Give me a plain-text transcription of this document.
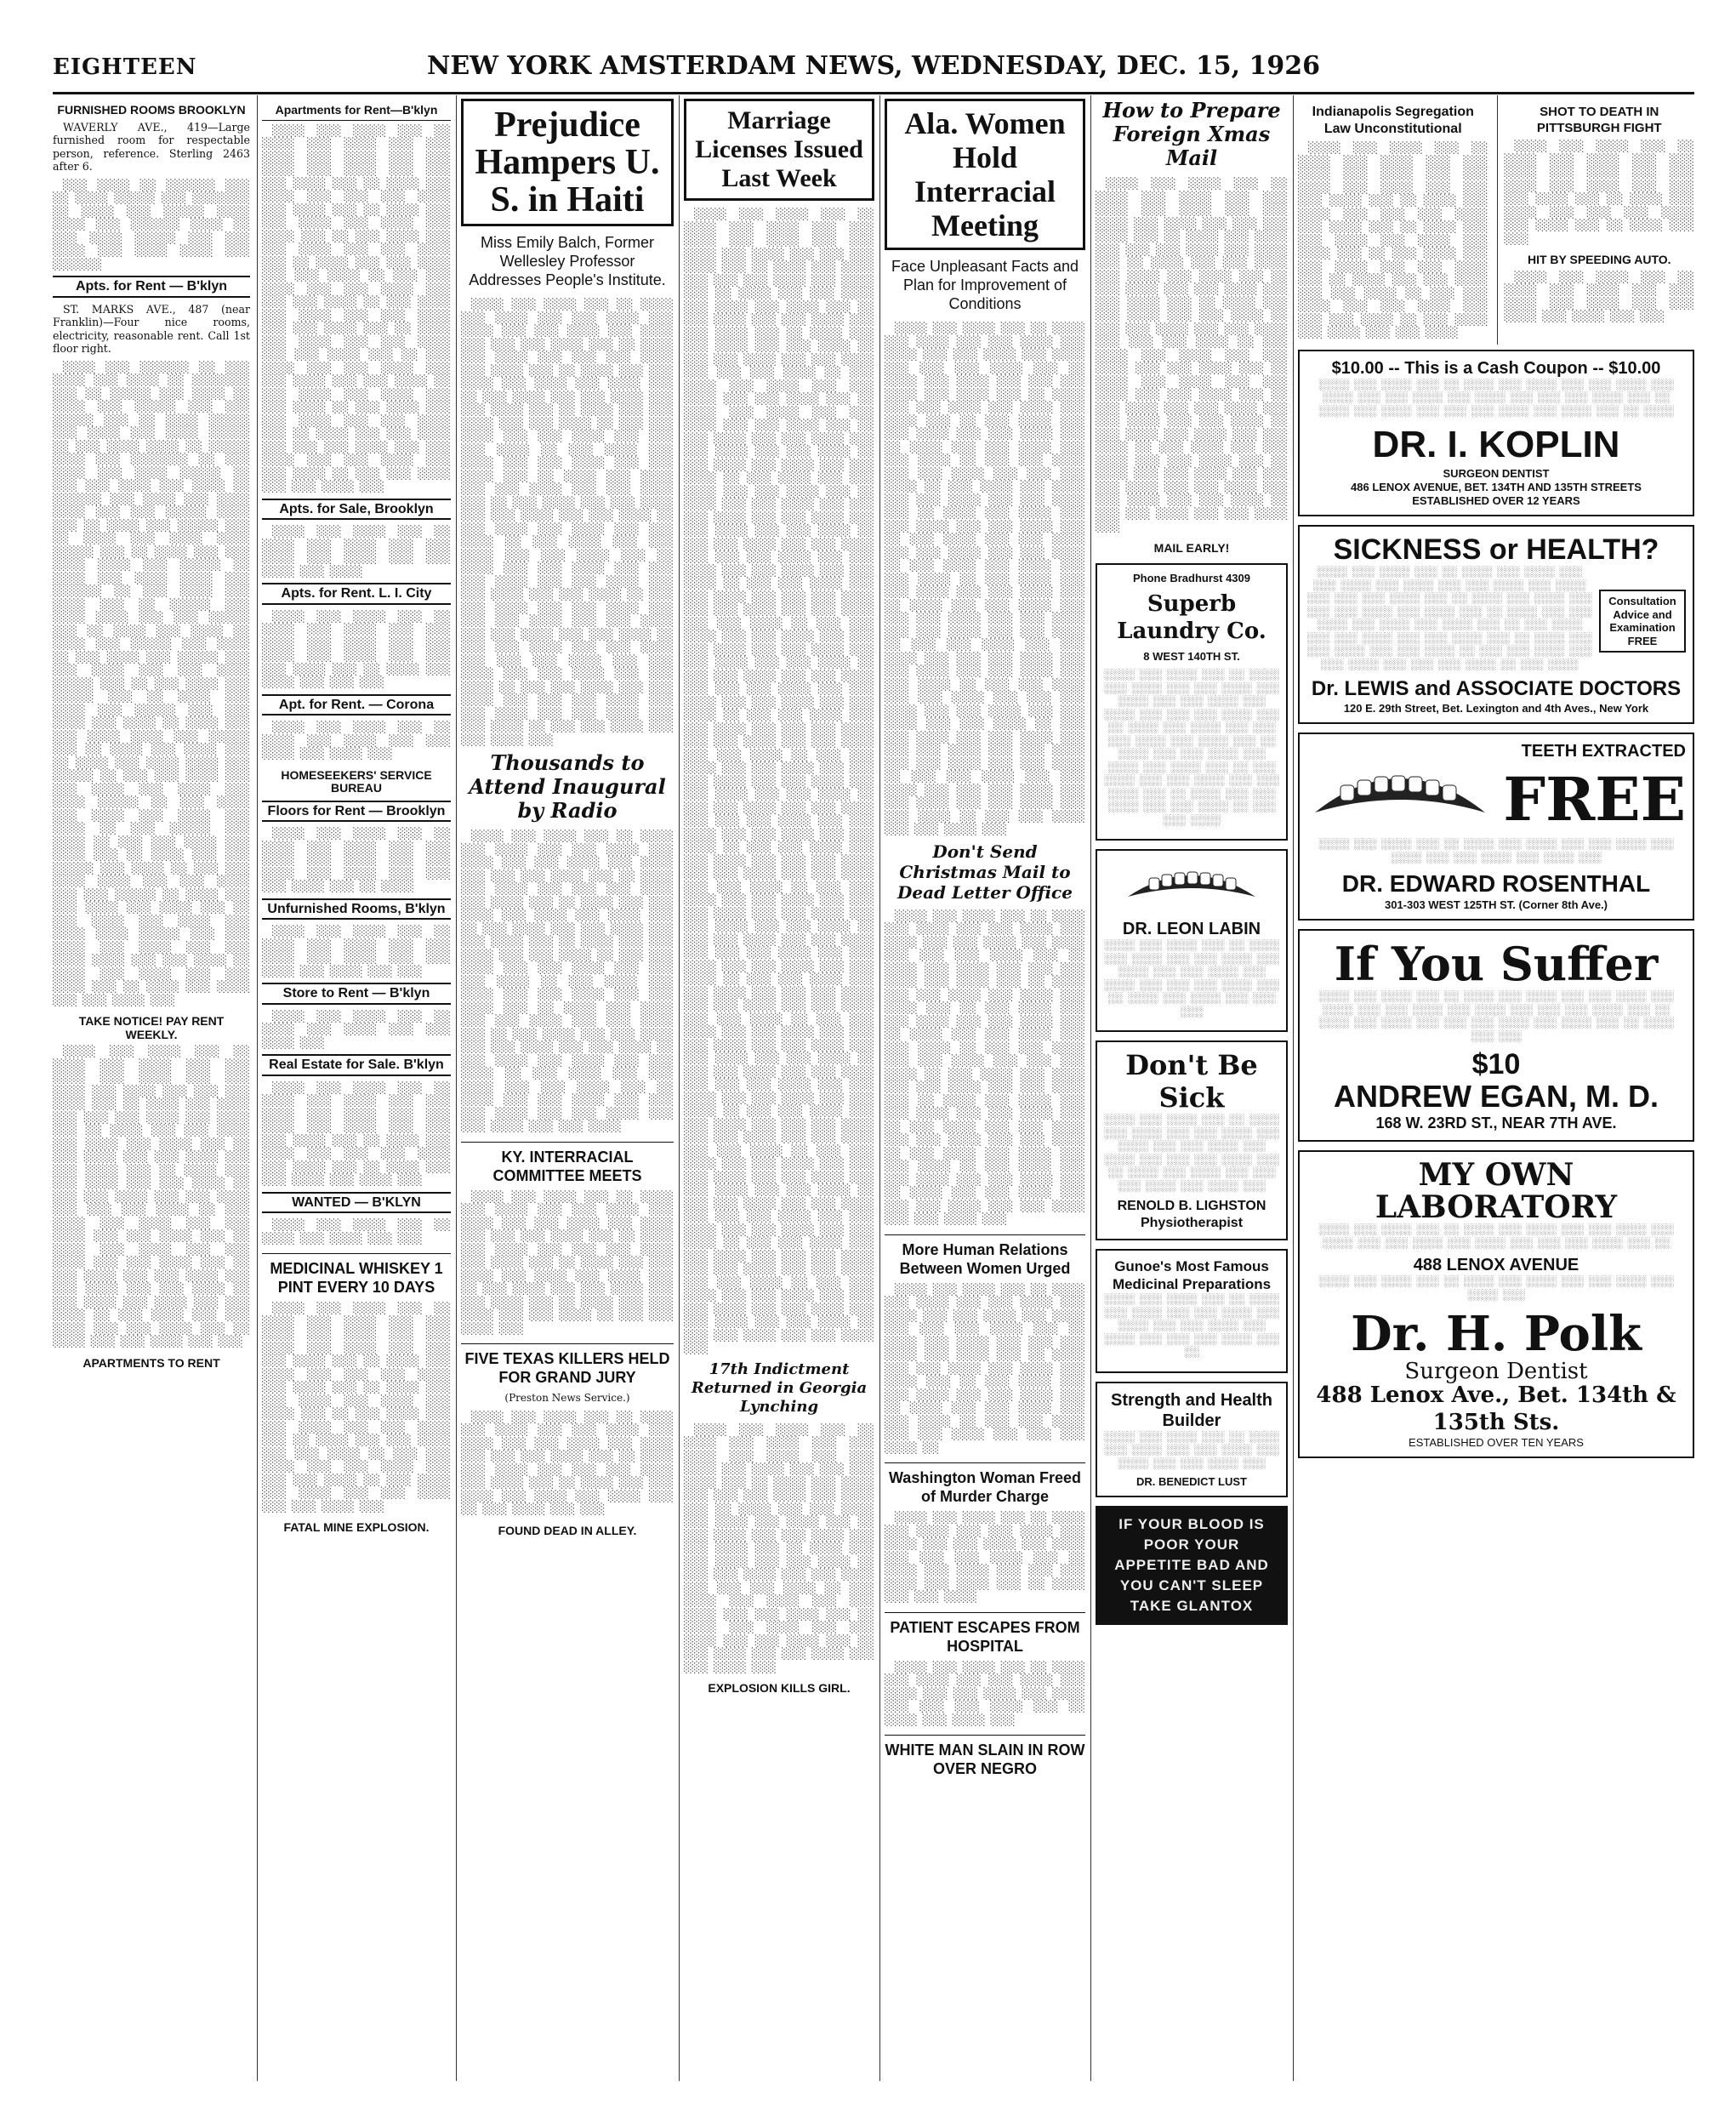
EIGHTEEN	NEW YORK AMSTERDAM NEWS, WEDNESDAY, DEC. 15, 1926
FURNISHED ROOMS BROOKLYN

WAVERLY AVE., 419—Large furnished room for respectable person, reference. Sterling 2463 after 6.

░░░ ░░░░ ░░ ░░░░░░ ░░░ ░░ ░░░░ ░░░░░ ░░░ ░░░░░░░ ░░ ░░░░ ░░░ ░░░░░ ░░░░ ░░░░ ░░░ ░░░░░░ ░░░░ ░░ ░░░ ░░░░ ░░░░░ ░░░ ░░░ ░░░░ ░░░ ░░░░ ░░░░ ░░░ ░░░░░░

Apts. for Rent — B'klyn

ST. MARKS AVE., 487 (near Franklin)—Four nice rooms, electricity, reasonable rent. Call 1st floor right.

░░░░ ░░░ ░░░░░░ ░░ ░░░ ░░░░ ░░░ ░░░░ ░░ ░░░░░░░ ░░░ ░░ ░░░░░ ░░░ ░░░░ ░░ ░░░░ ░░░ ░░░░░ ░░░ ░░░ ░░░░░ ░░░ ░░ ░░░░ ░░░░░ ░░░ ░░░░ ░░░ ░░░░ ░░░░░ ░░ ░░░ ░░░░ ░░░░ ░░ ░░░░░ ░░░░ ░░░ ░░░░░░░ ░░ ░░░ ░░░░ ░░░ ░░░░ ░░░░░ ░░ ░░░ ░░░ ░░░░ ░░░ ░░░░ ░░ ░░░░░░ ░░░ ░░░░ ░░░ ░░░░ ░░░░ ░░░ ░░░ ░░░░░ ░░░░ ░░░ ░░ ░░░░ ░░░ ░░░░░ ░░░ ░░ ░░░░ ░░░ ░░░░ ░░░░ ░░░░░ ░░░ ░░ ░░░░ ░░░ ░░░ ░░░░ ░░░░ ░░░ ░░░░░ ░░ ░░░░ ░░░ ░░░░ ░░░░ ░░░ ░░░░░░ ░░ ░░░ ░░░░ ░░░ ░░░░ ░░░ ░░ ░░░░░ ░░░ ░░░░ ░░░░ ░░░ ░░░ ░░░░░ ░░░ ░░ ░░░░ ░░░ ░░░░ ░░ ░░░░ ░░░ ░░░░░ ░░░ ░░░░ ░░ ░░░ ░░░░ ░░░ ░░░░░ ░░░ ░░░ ░░░░ ░░░ ░░░ ░░░░ ░░░░░ ░░░ ░░ ░░░ ░░░░ ░░░ ░░░░░ ░░░ ░░ ░░░░ ░░░ ░░░░ ░░░ ░░░░░ ░░░ ░░░ ░░░░ ░░░ ░░░░ ░░ ░░░░ ░░░ ░░░ ░░░░ ░░░░ ░░░ ░░░░░ ░░░ ░░ ░░░░ ░░░ ░░░░ ░░░ ░░ ░░░░ ░░░ ░░░░ ░░░░ ░░░ ░░░░░ ░░ ░░░ ░░░ ░░░░ ░░░ ░░░ ░░░░ ░░░ ░░░░ ░░░ ░░░░ ░░░░░ ░░ ░░░ ░░░░ ░░░ ░░░░ ░░░ ░░░░ ░░░ ░░░░ ░░ ░░░ ░░░░░ ░░░ ░░░░ ░░ ░░░ ░░░ ░░░░ ░░░ ░░░░ ░░░ ░░ ░░░░ ░░░ ░░░ ░░░░░ ░░░ ░░░░ ░░ ░░░ ░░░ ░░░░ ░░░░ ░░░ ░░░ ░░░░ ░░░ ░░░ ░░░░░ ░░ ░░░░ ░░░ ░░░ ░░░░ ░░░ ░░░░ ░░░ ░░ ░░░ ░░░░ ░░░ ░░░░ ░░░ ░░░░ ░░░░ ░░░░░ ░░░ ░░░ ░░░░ ░░░ ░░░░ ░░░ ░░░ ░░░░ ░░░░ ░░░ ░░░ ░░░░ ░░ ░░░░ ░░░ ░░░░ ░░░ ░░░ ░░░░ ░░░ ░░ ░░░░ ░░░ ░░░░ ░░░ ░░░ ░░░░ ░░░

TAKE NOTICE! PAY RENT WEEKLY.

░░░░ ░░░ ░░░░ ░░░ ░░ ░░░░ ░░░ ░░░░ ░░░ ░░░ ░░░░ ░░░ ░░░░ ░░░ ░░░ ░░░░ ░░░ ░░░░ ░░░ ░░░ ░░░ ░░░░ ░░░ ░░ ░░░░ ░░░ ░░░░ ░░░ ░░░ ░░░ ░░░░ ░░░ ░░░░ ░░░ ░░ ░░░░ ░░░ ░░░ ░░░░ ░░░ ░░░░ ░░░ ░░░░ ░░░ ░░ ░░░ ░░░░ ░░░ ░░░ ░░░░ ░░░ ░░░ ░░░░ ░░░ ░░ ░░░░ ░░░ ░░░ ░░░░ ░░░ ░░░ ░░░░ ░░ ░░░ ░░░ ░░░░ ░░░ ░░░ ░░░░ ░░░ ░░░ ░░░ ░░░░ ░░ ░░░ ░░░░ ░░░ ░░░░ ░░░ ░░░ ░░░░ ░░░ ░░░ ░░░░ ░░░ ░░ ░░░░ ░░░ ░░░░ ░░░ ░░░ ░░░░ ░░░ ░░░ ░░░░ ░░░ ░░ ░░░ ░░░░ ░░░ ░░░ ░░░░ ░░░ ░░░ ░░░░ ░░░ ░░░ ░░░░ ░░ ░░░ ░░░░ ░░░ ░░░░ ░░░ ░░░ ░░░░ ░░ ░░░ ░░░░ ░░░ ░░░ ░░░░ ░░░ ░░░ ░░░░ ░░░ ░░ ░░░░ ░░░ ░░░ ░░░░ ░░░ ░░░

APARTMENTS TO RENT
Apartments for Rent—B'klyn

░░░░ ░░░ ░░░░ ░░░ ░░ ░░░░ ░░░ ░░░░ ░░░ ░░░ ░░░░ ░░░ ░░░░ ░░░ ░░░ ░░░░ ░░░ ░░░░ ░░░ ░░░ ░░░ ░░░░ ░░░ ░░ ░░░░ ░░░ ░░░░ ░░░ ░░░ ░░░ ░░░░ ░░░ ░░░░ ░░░ ░░ ░░░░ ░░░ ░░░ ░░░░ ░░░ ░░░░ ░░░ ░░░░ ░░░ ░░ ░░░ ░░░░ ░░░ ░░░ ░░░░ ░░░ ░░░ ░░░░ ░░░ ░░ ░░░░ ░░░ ░░░ ░░░░ ░░░ ░░░ ░░░░ ░░ ░░░ ░░░ ░░░░ ░░░ ░░░ ░░░░ ░░░ ░░░ ░░░ ░░░░ ░░ ░░░ ░░░░ ░░░ ░░░░ ░░░ ░░░ ░░░░ ░░░ ░░░ ░░░░ ░░░ ░░ ░░░░ ░░░ ░░░░ ░░░ ░░░ ░░░░ ░░░ ░░░ ░░░░ ░░░ ░░ ░░░ ░░░░ ░░░ ░░░ ░░░░ ░░░ ░░░ ░░░░ ░░░ ░░░ ░░░░ ░░ ░░░ ░░░░ ░░░ ░░░░ ░░░ ░░░ ░░░░ ░░ ░░░ ░░░░ ░░░ ░░░ ░░░░ ░░░ ░░░ ░░░░ ░░░ ░░ ░░░░ ░░░ ░░░ ░░░░ ░░░ ░░░ ░░░ ░░░░ ░░░ ░░░ ░░░░ ░░░ ░░░ ░░░░ ░░░ ░░░ ░░░░ ░░ ░░░ ░░░ ░░░░ ░░░ ░░░ ░░░░ ░░░

Apts. for Sale, Brooklyn

░░░░ ░░░ ░░░░ ░░░ ░░ ░░░░ ░░░ ░░░░ ░░░ ░░░ ░░░░ ░░░ ░░░░ ░░░ ░░░ ░░░░ ░░░ ░░░░

Apts. for Rent. L. I. City

░░░░ ░░░ ░░░░ ░░░ ░░ ░░░░ ░░░ ░░░░ ░░░ ░░░ ░░░░ ░░░ ░░░░ ░░░ ░░░ ░░░░ ░░░ ░░░░ ░░░ ░░░ ░░░ ░░░░ ░░░ ░░ ░░░░ ░░░ ░░░░ ░░░ ░░░ ░░░

Apt. for Rent. — Corona

░░░░ ░░░ ░░░░ ░░░ ░░ ░░░░ ░░░ ░░░░ ░░░ ░░░ ░░░░ ░░░ ░░░░ ░░░

HOMESEEKERS' SERVICE BUREAU
Floors for Rent — Brooklyn

░░░░ ░░░ ░░░░ ░░░ ░░ ░░░░ ░░░ ░░░░ ░░░ ░░░ ░░░░ ░░░ ░░░░ ░░░ ░░░ ░░░░ ░░░ ░░░░ ░░░ ░░░ ░░░ ░░░░ ░░░ ░░ ░░░░

Unfurnished Rooms, B'klyn

░░░░ ░░░ ░░░░ ░░░ ░░ ░░░░ ░░░ ░░░░ ░░░ ░░░ ░░░░ ░░░ ░░░░ ░░░ ░░░ ░░░░ ░░░ ░░░░ ░░░ ░░░

Store to Rent — B'klyn

░░░░ ░░░ ░░░░ ░░░ ░░ ░░░░ ░░░ ░░░░ ░░░ ░░░ ░░░░ ░░░

Real Estate for Sale. B'klyn

░░░░ ░░░ ░░░░ ░░░ ░░ ░░░░ ░░░ ░░░░ ░░░ ░░░ ░░░░ ░░░ ░░░░ ░░░ ░░░ ░░░░ ░░░ ░░░░ ░░░ ░░░ ░░░ ░░░░ ░░░ ░░ ░░░░ ░░░ ░░░░ ░░░ ░░░ ░░░ ░░░░ ░░░ ░░░░ ░░░ ░░ ░░░░ ░░░ ░░░ ░░░░ ░░░ ░░░░ ░░░

WANTED — B'KLYN

░░░░ ░░░ ░░░░ ░░░ ░░ ░░░░ ░░░ ░░░░ ░░░ ░░░

MEDICINAL WHISKEY 1 PINT EVERY 10 DAYS

░░░░ ░░░ ░░░░ ░░░ ░░ ░░░░ ░░░ ░░░░ ░░░ ░░░ ░░░░ ░░░ ░░░░ ░░░ ░░░ ░░░░ ░░░ ░░░░ ░░░ ░░░ ░░░ ░░░░ ░░░ ░░ ░░░░ ░░░ ░░░░ ░░░ ░░░ ░░░ ░░░░ ░░░ ░░░░ ░░░ ░░ ░░░░ ░░░ ░░░ ░░░░ ░░░ ░░░░ ░░░ ░░░░ ░░░ ░░ ░░░ ░░░░ ░░░ ░░░ ░░░░ ░░░ ░░░ ░░░░ ░░░ ░░ ░░░░ ░░░ ░░░ ░░░░ ░░░ ░░░ ░░░░ ░░ ░░░ ░░░ ░░░░ ░░░ ░░░ ░░░░ ░░░ ░░░ ░░░ ░░░░ ░░ ░░░ ░░░░ ░░░ ░░░░ ░░░ ░░░ ░░░░ ░░░ ░░░ ░░░░ ░░░

FATAL MINE EXPLOSION.
Prejudice Hampers U. S. in Haiti
Miss Emily Balch, Former Wellesley Professor Addresses People's Institute.

░░░░ ░░░ ░░░░ ░░░ ░░ ░░░░ ░░░ ░░░░ ░░░ ░░░ ░░░░ ░░░ ░░░░ ░░░ ░░░ ░░░░ ░░░ ░░░░ ░░░ ░░░ ░░░ ░░░░ ░░░ ░░ ░░░░ ░░░ ░░░░ ░░░ ░░░ ░░░ ░░░░ ░░░ ░░░░ ░░░ ░░ ░░░░ ░░░ ░░░ ░░░░ ░░░ ░░░░ ░░░ ░░░░ ░░░ ░░ ░░░ ░░░░ ░░░ ░░░ ░░░░ ░░░ ░░░ ░░░░ ░░░ ░░ ░░░░ ░░░ ░░░ ░░░░ ░░░ ░░░ ░░░░ ░░ ░░░ ░░░ ░░░░ ░░░ ░░░ ░░░░ ░░░ ░░░ ░░░ ░░░░ ░░ ░░░ ░░░░ ░░░ ░░░░ ░░░ ░░░ ░░░░ ░░░ ░░░ ░░░░ ░░░ ░░ ░░░░ ░░░ ░░░░ ░░░ ░░░ ░░░░ ░░░ ░░░ ░░░░ ░░░ ░░ ░░░ ░░░░ ░░░ ░░░ ░░░░ ░░░ ░░░ ░░░░ ░░░ ░░░ ░░░░ ░░ ░░░ ░░░░ ░░░ ░░░░ ░░░ ░░░ ░░░░ ░░ ░░░ ░░░░ ░░░ ░░░ ░░░░ ░░░ ░░░ ░░░░ ░░░ ░░ ░░░░ ░░░ ░░░ ░░░░ ░░░ ░░░ ░░░ ░░░░ ░░░ ░░░ ░░░░ ░░░ ░░░ ░░░░ ░░░ ░░░ ░░░░ ░░ ░░░ ░░░ ░░░░ ░░░ ░░░ ░░░░ ░░░ ░░░ ░░░ ░░░░ ░░░ ░░░ ░░░░ ░░░ ░░░ ░░░░ ░░░ ░░░ ░░░░ ░░ ░░░ ░░░ ░░░░ ░░░ ░░░ ░░░░ ░░░ ░░░ ░░░ ░░░░ ░░░ ░░░ ░░░░ ░░░ ░░░ ░░░░ ░░░ ░░░ ░░░░ ░░ ░░░ ░░░ ░░░░ ░░░ ░░░ ░░░░ ░░░ ░░░ ░░░ ░░░░ ░░░ ░░░ ░░░░ ░░░ ░░░ ░░░░ ░░░ ░░░ ░░░░ ░░ ░░░ ░░░ ░░░░ ░░░ ░░░ ░░░░ ░░░

Thousands to Attend Inaugural by Radio

░░░░ ░░░ ░░░░ ░░░ ░░ ░░░░ ░░░ ░░░░ ░░░ ░░░ ░░░░ ░░░ ░░░░ ░░░ ░░░ ░░░░ ░░░ ░░░░ ░░░ ░░░ ░░░ ░░░░ ░░░ ░░ ░░░░ ░░░ ░░░░ ░░░ ░░░ ░░░ ░░░░ ░░░ ░░░░ ░░░ ░░ ░░░░ ░░░ ░░░ ░░░░ ░░░ ░░░░ ░░░ ░░░░ ░░░ ░░ ░░░ ░░░░ ░░░ ░░░ ░░░░ ░░░ ░░░ ░░░░ ░░░ ░░ ░░░░ ░░░ ░░░ ░░░░ ░░░ ░░░ ░░░░ ░░ ░░░ ░░░ ░░░░ ░░░ ░░░ ░░░░ ░░░ ░░░ ░░░ ░░░░ ░░ ░░░ ░░░░ ░░░ ░░░░ ░░░ ░░░ ░░░░ ░░░ ░░░ ░░░░ ░░░ ░░ ░░░░ ░░░ ░░░░ ░░░ ░░░ ░░░░ ░░░ ░░░ ░░░░ ░░░ ░░ ░░░ ░░░░ ░░░ ░░░ ░░░░ ░░░ ░░░ ░░░░ ░░░ ░░░ ░░░░ ░░ ░░░ ░░░░ ░░░ ░░░░ ░░░ ░░░ ░░░░ ░░ ░░░ ░░░░ ░░░ ░░░ ░░░░ ░░░ ░░░ ░░░░ ░░░ ░░ ░░░░ ░░░ ░░░ ░░░░ ░░░ ░░░ ░░░ ░░░░ ░░░ ░░░ ░░░░ ░░░ ░░░ ░░░░ ░░░ ░░░ ░░░░

KY. INTERRACIAL COMMITTEE MEETS

░░░░ ░░░ ░░░░ ░░░ ░░ ░░░░ ░░░ ░░░░ ░░░ ░░░ ░░░░ ░░░ ░░░░ ░░░ ░░░ ░░░░ ░░░ ░░░░ ░░░ ░░░ ░░░ ░░░░ ░░░ ░░ ░░░░ ░░░ ░░░░ ░░░ ░░░ ░░░ ░░░░ ░░░ ░░░░ ░░░ ░░ ░░░░ ░░░ ░░░ ░░░░ ░░░ ░░░░ ░░░ ░░░░ ░░░ ░░ ░░░ ░░░░ ░░░ ░░░ ░░░░ ░░░ ░░░ ░░░░ ░░░ ░░ ░░░░ ░░░ ░░░ ░░░░ ░░░ ░░░ ░░░░ ░░ ░░░ ░░░ ░░░░ ░░░

FIVE TEXAS KILLERS HELD FOR GRAND JURY
(Preston News Service.)

░░░░ ░░░ ░░░░ ░░░ ░░ ░░░░ ░░░ ░░░░ ░░░ ░░░ ░░░░ ░░░ ░░░░ ░░░ ░░░ ░░░░ ░░░ ░░░░ ░░░ ░░░ ░░░ ░░░░ ░░░ ░░ ░░░░ ░░░ ░░░░ ░░░ ░░░ ░░░ ░░░░ ░░░ ░░░░ ░░░ ░░ ░░░░ ░░░ ░░░ ░░░░ ░░░ ░░░░ ░░░ ░░░░ ░░░ ░░ ░░░ ░░░░ ░░░ ░░░

FOUND DEAD IN ALLEY.
Marriage Licenses Issued Last Week

░░░░ ░░░ ░░░░ ░░░ ░░ ░░░░ ░░░ ░░░░ ░░░ ░░░ ░░░░ ░░░ ░░░░ ░░░ ░░░ ░░░░ ░░░ ░░░░ ░░░ ░░░ ░░░ ░░░░ ░░░ ░░ ░░░░ ░░░ ░░░░ ░░░ ░░░ ░░░ ░░░░ ░░░ ░░░░ ░░░ ░░ ░░░░ ░░░ ░░░ ░░░░ ░░░ ░░░░ ░░░ ░░░░ ░░░ ░░ ░░░ ░░░░ ░░░ ░░░ ░░░░ ░░░ ░░░ ░░░░ ░░░ ░░ ░░░░ ░░░ ░░░ ░░░░ ░░░ ░░░ ░░░░ ░░ ░░░ ░░░ ░░░░ ░░░ ░░░ ░░░░ ░░░ ░░░ ░░░ ░░░░ ░░ ░░░ ░░░░ ░░░ ░░░░ ░░░ ░░░ ░░░░ ░░░ ░░░ ░░░░ ░░░ ░░ ░░░░ ░░░ ░░░░ ░░░ ░░░ ░░░░ ░░░ ░░░ ░░░░ ░░░ ░░ ░░░ ░░░░ ░░░ ░░░ ░░░░ ░░░ ░░░ ░░░░ ░░░ ░░░ ░░░░ ░░ ░░░ ░░░░ ░░░ ░░░░ ░░░ ░░░ ░░░░ ░░ ░░░ ░░░░ ░░░ ░░░ ░░░░ ░░░ ░░░ ░░░░ ░░░ ░░ ░░░░ ░░░ ░░░ ░░░░ ░░░ ░░░ ░░░ ░░░░ ░░░ ░░░ ░░░░ ░░░ ░░░ ░░░░ ░░░ ░░░ ░░░░ ░░ ░░░ ░░░ ░░░░ ░░░ ░░░ ░░░░ ░░░ ░░░ ░░░ ░░░░ ░░░ ░░░ ░░░░ ░░░ ░░░ ░░░░ ░░░ ░░░ ░░░░ ░░ ░░░ ░░░ ░░░░ ░░░ ░░░ ░░░░ ░░░ ░░░ ░░░ ░░░░ ░░░ ░░░ ░░░░ ░░░ ░░░ ░░░░ ░░░ ░░░ ░░░░ ░░ ░░░ ░░░ ░░░░ ░░░ ░░░ ░░░░ ░░░ ░░░ ░░░ ░░░░ ░░░ ░░░ ░░░░ ░░░ ░░░ ░░░░ ░░░ ░░░ ░░░░ ░░ ░░░ ░░░ ░░░░ ░░░ ░░░ ░░░░ ░░░ ░░░ ░░░ ░░░░ ░░░ ░░░ ░░░░ ░░░ ░░░ ░░░░ ░░░ ░░░ ░░░░ ░░ ░░░ ░░░ ░░░░ ░░░ ░░░ ░░░░ ░░░ ░░░ ░░░ ░░░░ ░░░ ░░░ ░░░░ ░░░ ░░░ ░░░░ ░░░ ░░░ ░░░░ ░░ ░░░ ░░░ ░░░░ ░░░ ░░░ ░░░░ ░░░ ░░░ ░░░ ░░░░ ░░░ ░░░ ░░░░ ░░░ ░░░ ░░░░ ░░░ ░░░ ░░░░ ░░ ░░░ ░░░ ░░░░ ░░░ ░░░ ░░░░ ░░░ ░░░ ░░░ ░░░░ ░░░ ░░░ ░░░░ ░░░ ░░░ ░░░░ ░░░ ░░░ ░░░░ ░░ ░░░ ░░░ ░░░░ ░░░ ░░░ ░░░░ ░░░ ░░░ ░░░ ░░░░ ░░░ ░░░ ░░░░ ░░░ ░░░ ░░░░ ░░░ ░░░ ░░░░ ░░ ░░░ ░░░ ░░░░ ░░░ ░░░ ░░░░ ░░░ ░░░ ░░░ ░░░░ ░░░ ░░░ ░░░░ ░░░ ░░░ ░░░░ ░░░ ░░░ ░░░░ ░░ ░░░ ░░░ ░░░░ ░░░ ░░░ ░░░░ ░░░ ░░░ ░░░ ░░░░ ░░░ ░░░ ░░░░ ░░░ ░░░ ░░░░ ░░░ ░░░ ░░░░ ░░ ░░░ ░░░ ░░░░ ░░░ ░░░ ░░░░ ░░░ ░░░ ░░░ ░░░░ ░░░ ░░░ ░░░░ ░░░ ░░░ ░░░░ ░░░ ░░░ ░░░░ ░░ ░░░ ░░░ ░░░░ ░░░ ░░░ ░░░░ ░░░ ░░░ ░░░ ░░░░ ░░░ ░░░ ░░░░ ░░░ ░░░ ░░░░ ░░░ ░░░ ░░░░ ░░ ░░░ ░░░ ░░░░ ░░░ ░░░ ░░░░ ░░░ ░░░ ░░░ ░░░░ ░░░ ░░░ ░░░░ ░░░ ░░░ ░░░░ ░░░ ░░░ ░░░░ ░░ ░░░ ░░░ ░░░░ ░░░ ░░░ ░░░░ ░░░ ░░░ ░░░ ░░░░ ░░░ ░░░ ░░░░ ░░░ ░░░ ░░░░ ░░░ ░░░ ░░░░ ░░ ░░░ ░░░ ░░░░ ░░░ ░░░ ░░░░ ░░░ ░░░ ░░░ ░░░░ ░░░ ░░░ ░░░░ ░░░ ░░░ ░░░░ ░░░ ░░░ ░░░░ ░░ ░░░ ░░░ ░░░░ ░░░ ░░░ ░░░░ ░░░ ░░░ ░░░ ░░░░ ░░░ ░░░ ░░░░ ░░░ ░░░ ░░░░ ░░░ ░░░ ░░░░ ░░ ░░░ ░░░ ░░░░ ░░░ ░░░ ░░░░ ░░░ ░░░ ░░░ ░░░░ ░░░ ░░░ ░░░░ ░░░ ░░░ ░░░░ ░░░ ░░░ ░░░░ ░░ ░░░ ░░░ ░░░░ ░░░ ░░░ ░░░░ ░░░ ░░░ ░░░ ░░░░ ░░░ ░░░ ░░░░ ░░░ ░░░ ░░░░ ░░░ ░░░ ░░░░ ░░ ░░░ ░░░ ░░░░ ░░░ ░░░ ░░░░ ░░░

17th Indictment Returned in Georgia Lynching

░░░░ ░░░ ░░░░ ░░░ ░░ ░░░░ ░░░ ░░░░ ░░░ ░░░ ░░░░ ░░░ ░░░░ ░░░ ░░░ ░░░░ ░░░ ░░░░ ░░░ ░░░ ░░░ ░░░░ ░░░ ░░ ░░░░ ░░░ ░░░░ ░░░ ░░░ ░░░ ░░░░ ░░░ ░░░░ ░░░ ░░ ░░░░ ░░░ ░░░ ░░░░ ░░░ ░░░░ ░░░ ░░░░ ░░░ ░░ ░░░ ░░░░ ░░░ ░░░ ░░░░ ░░░ ░░░ ░░░░ ░░░ ░░ ░░░░ ░░░ ░░░ ░░░░ ░░░ ░░░ ░░░░ ░░ ░░░ ░░░ ░░░░ ░░░ ░░░ ░░░░ ░░░ ░░░ ░░░ ░░░░ ░░ ░░░ ░░░░ ░░░ ░░░░ ░░░ ░░░ ░░░░ ░░░ ░░░ ░░░░ ░░░ ░░ ░░░░ ░░░ ░░░░ ░░░ ░░░ ░░░░ ░░░ ░░░ ░░░░ ░░░ ░░ ░░░ ░░░░ ░░░ ░░░ ░░░░ ░░░ ░░░ ░░░░ ░░░

EXPLOSION KILLS GIRL.
Ala. Women Hold Interracial Meeting
Face Unpleasant Facts and Plan for Improvement of Conditions

░░░░ ░░░ ░░░░ ░░░ ░░ ░░░░ ░░░ ░░░░ ░░░ ░░░ ░░░░ ░░░ ░░░░ ░░░ ░░░ ░░░░ ░░░ ░░░░ ░░░ ░░░ ░░░ ░░░░ ░░░ ░░ ░░░░ ░░░ ░░░░ ░░░ ░░░ ░░░ ░░░░ ░░░ ░░░░ ░░░ ░░ ░░░░ ░░░ ░░░ ░░░░ ░░░ ░░░░ ░░░ ░░░░ ░░░ ░░ ░░░ ░░░░ ░░░ ░░░ ░░░░ ░░░ ░░░ ░░░░ ░░░ ░░ ░░░░ ░░░ ░░░ ░░░░ ░░░ ░░░ ░░░░ ░░ ░░░ ░░░ ░░░░ ░░░ ░░░ ░░░░ ░░░ ░░░ ░░░ ░░░░ ░░ ░░░ ░░░░ ░░░ ░░░░ ░░░ ░░░ ░░░░ ░░░ ░░░ ░░░░ ░░░ ░░ ░░░░ ░░░ ░░░░ ░░░ ░░░ ░░░░ ░░░ ░░░ ░░░░ ░░░ ░░ ░░░ ░░░░ ░░░ ░░░ ░░░░ ░░░ ░░░ ░░░░ ░░░ ░░░ ░░░░ ░░ ░░░ ░░░░ ░░░ ░░░░ ░░░ ░░░ ░░░░ ░░ ░░░ ░░░░ ░░░ ░░░ ░░░░ ░░░ ░░░ ░░░░ ░░░ ░░ ░░░░ ░░░ ░░░ ░░░░ ░░░ ░░░ ░░░ ░░░░ ░░░ ░░░ ░░░░ ░░░ ░░░ ░░░░ ░░░ ░░░ ░░░░ ░░ ░░░ ░░░ ░░░░ ░░░ ░░░ ░░░░ ░░░ ░░░ ░░░ ░░░░ ░░░ ░░░ ░░░░ ░░░ ░░░ ░░░░ ░░░ ░░░ ░░░░ ░░ ░░░ ░░░ ░░░░ ░░░ ░░░ ░░░░ ░░░ ░░░ ░░░ ░░░░ ░░░ ░░░ ░░░░ ░░░ ░░░ ░░░░ ░░░ ░░░ ░░░░ ░░ ░░░ ░░░ ░░░░ ░░░ ░░░ ░░░░ ░░░ ░░░ ░░░ ░░░░ ░░░ ░░░ ░░░░ ░░░ ░░░ ░░░░ ░░░ ░░░ ░░░░ ░░ ░░░ ░░░ ░░░░ ░░░ ░░░ ░░░░ ░░░ ░░░ ░░░ ░░░░ ░░░ ░░░ ░░░░ ░░░ ░░░ ░░░░ ░░░ ░░░ ░░░░ ░░ ░░░ ░░░ ░░░░ ░░░ ░░░ ░░░░ ░░░

Don't Send Christmas Mail to Dead Letter Office

░░░░ ░░░ ░░░░ ░░░ ░░ ░░░░ ░░░ ░░░░ ░░░ ░░░ ░░░░ ░░░ ░░░░ ░░░ ░░░ ░░░░ ░░░ ░░░░ ░░░ ░░░ ░░░ ░░░░ ░░░ ░░ ░░░░ ░░░ ░░░░ ░░░ ░░░ ░░░ ░░░░ ░░░ ░░░░ ░░░ ░░ ░░░░ ░░░ ░░░ ░░░░ ░░░ ░░░░ ░░░ ░░░░ ░░░ ░░ ░░░ ░░░░ ░░░ ░░░ ░░░░ ░░░ ░░░ ░░░░ ░░░ ░░ ░░░░ ░░░ ░░░ ░░░░ ░░░ ░░░ ░░░░ ░░ ░░░ ░░░ ░░░░ ░░░ ░░░ ░░░░ ░░░ ░░░ ░░░ ░░░░ ░░ ░░░ ░░░░ ░░░ ░░░░ ░░░ ░░░ ░░░░ ░░░ ░░░ ░░░░ ░░░ ░░ ░░░░ ░░░ ░░░░ ░░░ ░░░ ░░░░ ░░░ ░░░ ░░░░ ░░░ ░░ ░░░ ░░░░ ░░░ ░░░ ░░░░ ░░░ ░░░ ░░░░ ░░░ ░░░ ░░░░ ░░ ░░░ ░░░░ ░░░ ░░░░ ░░░ ░░░ ░░░░ ░░ ░░░ ░░░░ ░░░ ░░░ ░░░░ ░░░ ░░░ ░░░░ ░░░ ░░ ░░░░ ░░░ ░░░ ░░░░ ░░░ ░░░ ░░░ ░░░░ ░░░ ░░░ ░░░░ ░░░ ░░░ ░░░░ ░░░

More Human Relations Between Women Urged

░░░░ ░░░ ░░░░ ░░░ ░░ ░░░░ ░░░ ░░░░ ░░░ ░░░ ░░░░ ░░░ ░░░░ ░░░ ░░░ ░░░░ ░░░ ░░░░ ░░░ ░░░ ░░░ ░░░░ ░░░ ░░ ░░░░ ░░░ ░░░░ ░░░ ░░░ ░░░ ░░░░ ░░░ ░░░░ ░░░ ░░ ░░░░ ░░░ ░░░ ░░░░ ░░░ ░░░░ ░░░ ░░░░ ░░░ ░░ ░░░ ░░░░ ░░░ ░░░ ░░░░ ░░░ ░░░ ░░░░ ░░░ ░░ ░░░░ ░░░ ░░░ ░░░░ ░░░ ░░░ ░░░░ ░░ ░░░ ░░░ ░░░░ ░░░ ░░░ ░░░░ ░░░ ░░░ ░░░ ░░░░ ░░

Washington Woman Freed of Murder Charge

░░░░ ░░░ ░░░░ ░░░ ░░ ░░░░ ░░░ ░░░░ ░░░ ░░░ ░░░░ ░░░ ░░░░ ░░░ ░░░ ░░░░ ░░░ ░░░░ ░░░ ░░░ ░░░ ░░░░ ░░░ ░░ ░░░░ ░░░ ░░░░ ░░░ ░░░ ░░░ ░░░░ ░░░ ░░░░ ░░░ ░░ ░░░░ ░░░ ░░░ ░░░░

PATIENT ESCAPES FROM HOSPITAL

░░░░ ░░░ ░░░░ ░░░ ░░ ░░░░ ░░░ ░░░░ ░░░ ░░░ ░░░░ ░░░ ░░░░ ░░░ ░░░ ░░░░ ░░░ ░░░░ ░░░ ░░░ ░░░ ░░░░ ░░░ ░░ ░░░░ ░░░ ░░░░ ░░░

WHITE MAN SLAIN IN ROW OVER NEGRO
How to Prepare Foreign Xmas Mail

░░░░ ░░░ ░░░░ ░░░ ░░ ░░░░ ░░░ ░░░░ ░░░ ░░░ ░░░░ ░░░ ░░░░ ░░░ ░░░ ░░░░ ░░░ ░░░░ ░░░ ░░░ ░░░ ░░░░ ░░░ ░░ ░░░░ ░░░ ░░░░ ░░░ ░░░ ░░░ ░░░░ ░░░ ░░░░ ░░░ ░░ ░░░░ ░░░ ░░░ ░░░░ ░░░ ░░░░ ░░░ ░░░░ ░░░ ░░ ░░░ ░░░░ ░░░ ░░░ ░░░░ ░░░ ░░░ ░░░░ ░░░ ░░ ░░░░ ░░░ ░░░ ░░░░ ░░░ ░░░ ░░░░ ░░ ░░░ ░░░ ░░░░ ░░░ ░░░ ░░░░ ░░░ ░░░ ░░░ ░░░░ ░░ ░░░ ░░░░ ░░░ ░░░░ ░░░ ░░░ ░░░░ ░░░ ░░░ ░░░░ ░░░ ░░ ░░░░ ░░░ ░░░░ ░░░ ░░░ ░░░░ ░░░ ░░░ ░░░░ ░░░ ░░ ░░░ ░░░░ ░░░ ░░░ ░░░░ ░░░ ░░░ ░░░░ ░░░ ░░░ ░░░░ ░░ ░░░ ░░░░ ░░░ ░░░░ ░░░ ░░░ ░░░░ ░░ ░░░ ░░░░ ░░░ ░░░ ░░░░ ░░░ ░░░ ░░░░ ░░░ ░░ ░░░░ ░░░ ░░░ ░░░░ ░░░ ░░░ ░░░ ░░░░ ░░░ ░░░ ░░░░ ░░░ ░░░ ░░░░ ░░░ ░░░ ░░░░ ░░ ░░░ ░░░ ░░░░ ░░░ ░░░ ░░░░ ░░░

MAIL EARLY!
Phone Bradhurst 4309
Superb Laundry Co.
8 WEST 140TH ST.

░░░░ ░░░ ░░░░ ░░░ ░░ ░░░░ ░░░ ░░░░ ░░░ ░░░ ░░░░ ░░░ ░░░░ ░░░ ░░░ ░░░░ ░░░ ░░░░ ░░░ ░░░ ░░░ ░░░░ ░░░ ░░ ░░░░ ░░░ ░░░░ ░░░ ░░░ ░░░ ░░░░ ░░░ ░░░░ ░░░ ░░ ░░░░ ░░░ ░░░ ░░░░ ░░░ ░░░░ ░░░ ░░░░ ░░░ ░░ ░░░ ░░░░ ░░░ ░░░ ░░░░ ░░░ ░░░ ░░░░ ░░░ ░░ ░░░░ ░░░ ░░░ ░░░░ ░░░ ░░░ ░░░░ ░░ ░░░ ░░░ ░░░░

DR. LEON LABIN

░░░░ ░░░ ░░░░ ░░░ ░░ ░░░░ ░░░ ░░░░ ░░░ ░░░ ░░░░ ░░░ ░░░░ ░░░ ░░░ ░░░░ ░░░ ░░░░ ░░░ ░░░ ░░░ ░░░░ ░░░ ░░ ░░░░ ░░░ ░░░░ ░░░ ░░░ ░░░

Don't Be Sick

░░░░ ░░░ ░░░░ ░░░ ░░ ░░░░ ░░░ ░░░░ ░░░ ░░░ ░░░░ ░░░ ░░░░ ░░░ ░░░ ░░░░ ░░░ ░░░░ ░░░ ░░░ ░░░ ░░░░ ░░░ ░░ ░░░░ ░░░ ░░░░ ░░░ ░░░ ░░░ ░░░░ ░░░ ░░░░ ░░░

RENOLD B. LIGHSTON Physiotherapist
Gunoe's Most Famous Medicinal Preparations

░░░░ ░░░ ░░░░ ░░░ ░░ ░░░░ ░░░ ░░░░ ░░░ ░░░ ░░░░ ░░░ ░░░░ ░░░ ░░░ ░░░░ ░░░ ░░░░ ░░░ ░░░ ░░░ ░░░░ ░░░ ░░

Strength and Health Builder

░░░░ ░░░ ░░░░ ░░░ ░░ ░░░░ ░░░ ░░░░ ░░░ ░░░ ░░░░ ░░░ ░░░░ ░░░ ░░░ ░░░░ ░░░

DR. BENEDICT LUST
IF YOUR BLOOD IS POOR YOUR APPETITE BAD AND YOU CAN'T SLEEP TAKE GLANTOX
Indianapolis Segregation Law Unconstitutional

░░░░ ░░░ ░░░░ ░░░ ░░ ░░░░ ░░░ ░░░░ ░░░ ░░░ ░░░░ ░░░ ░░░░ ░░░ ░░░ ░░░░ ░░░ ░░░░ ░░░ ░░░ ░░░ ░░░░ ░░░ ░░ ░░░░ ░░░ ░░░░ ░░░ ░░░ ░░░ ░░░░ ░░░ ░░░░ ░░░ ░░ ░░░░ ░░░ ░░░ ░░░░ ░░░ ░░░░ ░░░ ░░░░ ░░░ ░░ ░░░ ░░░░ ░░░ ░░░ ░░░░ ░░░ ░░░ ░░░░ ░░░ ░░ ░░░░ ░░░ ░░░ ░░░░ ░░░ ░░░ ░░░░ ░░ ░░░ ░░░ ░░░░ ░░░ ░░░ ░░░░ ░░░ ░░░ ░░░ ░░░░ ░░ ░░░ ░░░░ ░░░ ░░░░ ░░░ ░░░ ░░░░

SHOT TO DEATH IN PITTSBURGH FIGHT

░░░░ ░░░ ░░░░ ░░░ ░░ ░░░░ ░░░ ░░░░ ░░░ ░░░ ░░░░ ░░░ ░░░░ ░░░ ░░░ ░░░░ ░░░ ░░░░ ░░░ ░░░ ░░░ ░░░░ ░░░ ░░ ░░░░ ░░░ ░░░░ ░░░ ░░░ ░░░ ░░░░ ░░░ ░░░░ ░░░ ░░ ░░░░ ░░░ ░░░

HIT BY SPEEDING AUTO.

░░░░ ░░░ ░░░░ ░░░ ░░ ░░░░ ░░░ ░░░░ ░░░ ░░░ ░░░░ ░░░ ░░░░ ░░░ ░░░ ░░░░ ░░░ ░░░░ ░░░ ░░░

$10.00 -- This is a Cash Coupon -- $10.00

░░░░ ░░░ ░░░░ ░░░ ░░ ░░░░ ░░░ ░░░░ ░░░ ░░░ ░░░░ ░░░ ░░░░ ░░░ ░░░ ░░░░ ░░░ ░░░░ ░░░ ░░░ ░░░ ░░░░ ░░░ ░░ ░░░░ ░░░ ░░░░ ░░░ ░░░ ░░░ ░░░░ ░░░ ░░░░ ░░░ ░░ ░░░░

DR. I. KOPLIN
SURGEON DENTIST
486 LENOX AVENUE, BET. 134TH AND 135TH STREETS
ESTABLISHED OVER 12 YEARS
SICKNESS or HEALTH?

░░░░ ░░░ ░░░░ ░░░ ░░ ░░░░ ░░░ ░░░░ ░░░ ░░░ ░░░░ ░░░ ░░░░ ░░░ ░░░ ░░░░ ░░░ ░░░░ ░░░ ░░░ ░░░ ░░░░ ░░░ ░░ ░░░░ ░░░ ░░░░ ░░░ ░░░ ░░░ ░░░░ ░░░ ░░░░ ░░░ ░░ ░░░░ ░░░ ░░░ ░░░░ ░░░ ░░░░ ░░░ ░░░░ ░░░ ░░ ░░░ ░░░░ ░░░ ░░░ ░░░░ ░░░ ░░░ ░░░░ ░░░ ░░ ░░░░ ░░░ ░░░ ░░░░ ░░░ ░░░ ░░░░ ░░ ░░░ ░░░ ░░░░ ░░░ ░░░ ░░░░ ░░░ ░░░ ░░░ ░░░░ ░░ ░░░ ░░░░

Consultation Advice and Examination FREE
Dr. LEWIS and ASSOCIATE DOCTORS
120 E. 29th Street, Bet. Lexington and 4th Aves., New York
TEETH EXTRACTED
FREE

░░░░ ░░░ ░░░░ ░░░ ░░ ░░░░ ░░░ ░░░░ ░░░ ░░░ ░░░░ ░░░ ░░░░ ░░░ ░░░ ░░░░ ░░░ ░░░░ ░░░

DR. EDWARD ROSENTHAL
301-303 WEST 125TH ST. (Corner 8th Ave.)
If You Suffer

░░░░ ░░░ ░░░░ ░░░ ░░ ░░░░ ░░░ ░░░░ ░░░ ░░░ ░░░░ ░░░ ░░░░ ░░░ ░░░ ░░░░ ░░░ ░░░░ ░░░ ░░░ ░░░ ░░░░ ░░░ ░░ ░░░░ ░░░ ░░░░ ░░░ ░░░ ░░░ ░░░░ ░░░ ░░░░ ░░░ ░░ ░░░░ ░░░ ░░░

$10
ANDREW EGAN, M. D.
168 W. 23RD ST., NEAR 7TH AVE.
MY OWN LABORATORY

░░░░ ░░░ ░░░░ ░░░ ░░ ░░░░ ░░░ ░░░░ ░░░ ░░░ ░░░░ ░░░ ░░░░ ░░░ ░░░ ░░░░ ░░░ ░░░░ ░░░ ░░░ ░░░ ░░░░ ░░░ ░░

488 LENOX AVENUE

░░░░ ░░░ ░░░░ ░░░ ░░ ░░░░ ░░░ ░░░░ ░░░ ░░░ ░░░░ ░░░ ░░░░ ░░░

Dr. H. Polk
Surgeon Dentist
488 Lenox Ave., Bet. 134th & 135th Sts.
ESTABLISHED OVER TEN YEARS
